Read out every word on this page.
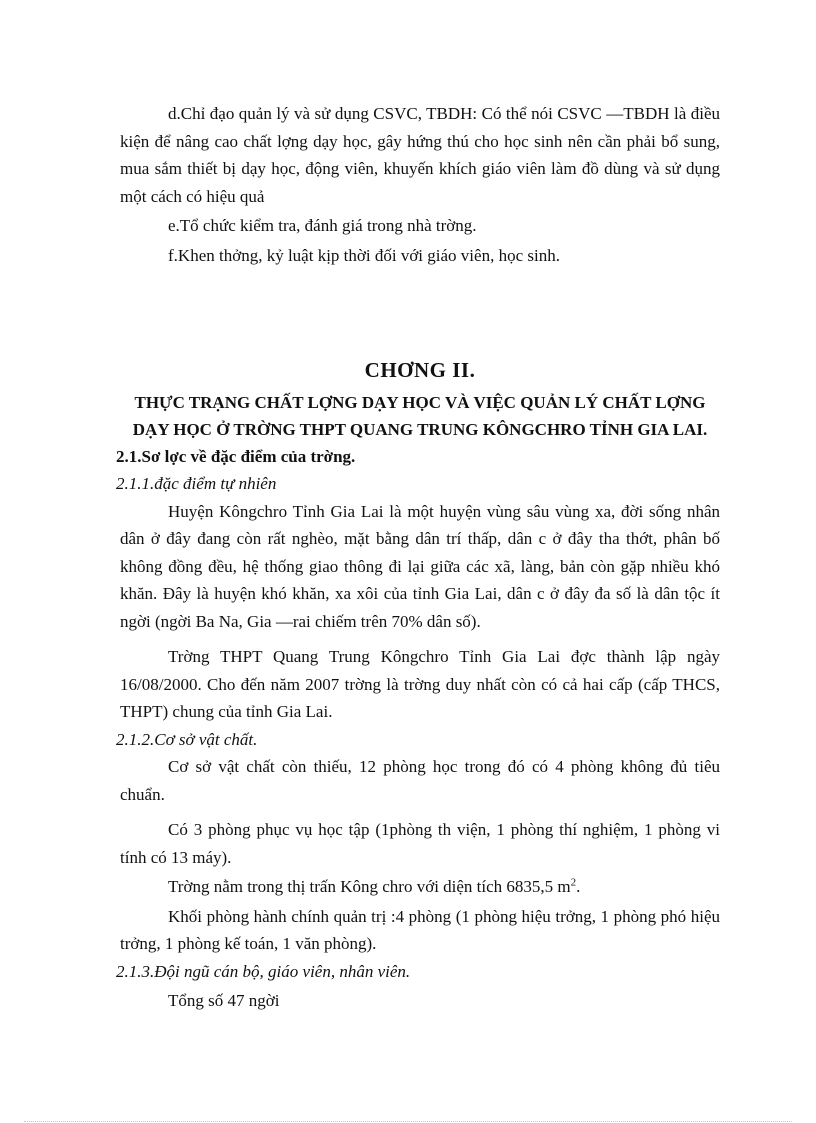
d.Chỉ đạo quản lý và sử dụng CSVC, TBDH: Có thể nói CSVC —TBDH là điều kiện để nâng cao chất lợng dạy học, gây hứng thú cho học sinh nên cần phải bổ sung, mua sắm thiết bị dạy học, động viên, khuyến khích giáo viên làm đồ dùng và sử dụng một cách có hiệu quả

e.Tổ chức kiểm tra, đánh giá trong nhà trờng.

f.Khen thởng, kỷ luật kịp thời đối với giáo viên, học sinh.

CHƠNG II.

THỰC TRẠNG CHẤT LỢNG DẠY HỌC VÀ VIỆC QUẢN LÝ CHẤT LỢNG DẠY HỌC Ở TRỜNG THPT QUANG TRUNG KÔNGCHRO TỈNH GIA LAI.

2.1.Sơ lợc về đặc điểm của trờng.

2.1.1.đặc điểm tự nhiên

Huyện Kôngchro Tỉnh Gia Lai là một huyện vùng sâu vùng xa, đời sống nhân dân ở đây đang còn rất nghèo, mặt bằng dân trí thấp, dân c ở đây tha thớt, phân bố không đồng đều, hệ thống giao thông đi lại giữa các xã, làng, bản còn gặp nhiều khó khăn. Đây là huyện khó khăn, xa xôi của tỉnh Gia Lai, dân c ở đây đa số là dân tộc ít ngời (ngời Ba Na, Gia —rai chiếm trên 70% dân số).

Trờng THPT Quang Trung Kôngchro Tỉnh Gia Lai đợc thành lập ngày 16/08/2000. Cho đến năm 2007 trờng là trờng duy nhất còn có cả hai cấp (cấp THCS, THPT) chung của tỉnh Gia Lai.

2.1.2.Cơ sở vật chất.

Cơ sở vật chất còn thiếu, 12 phòng học trong đó có 4 phòng không đủ tiêu chuẩn.

Có 3 phòng phục vụ học tập (1phòng th viện, 1 phòng thí nghiệm, 1 phòng vi tính có 13 máy).

Trờng nằm trong thị trấn Kông chro với diện tích 6835,5 $m^2$.

Khối phòng hành chính quản trị :4 phòng (1 phòng hiệu trởng, 1 phòng phó hiệu trởng, 1 phòng kế toán, 1 văn phòng).

2.1.3.Đội ngũ cán bộ, giáo viên, nhân viên.

Tổng số 47 ngời
